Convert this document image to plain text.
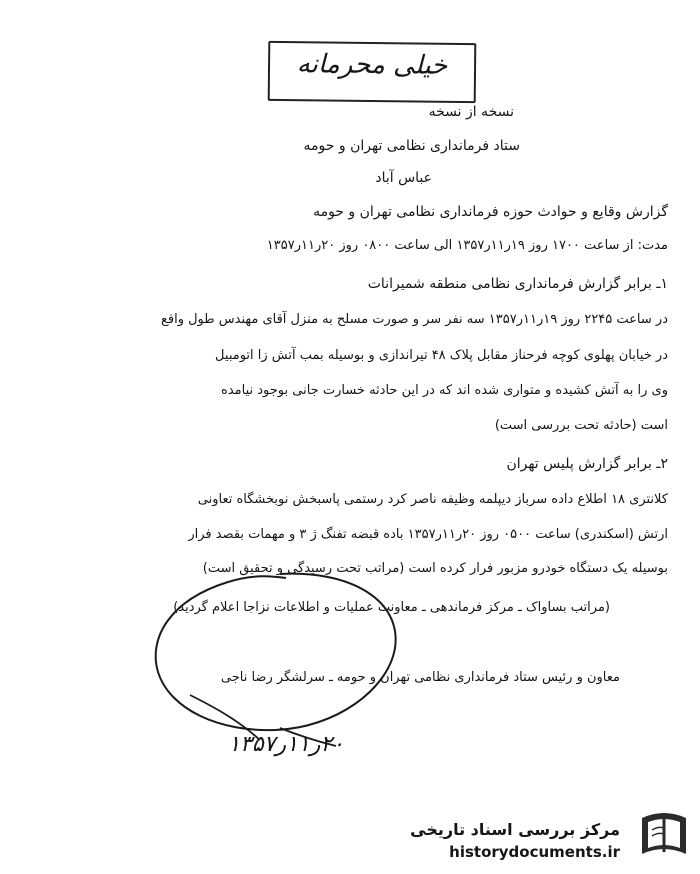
خیلی محرمانه
نسخه از نسخه
ستاد فرمانداری نظامی تهران و حومه
عباس آباد
گزارش وقایع و حوادث حوزه فرمانداری نظامی تهران و حومه
مدت: از ساعت ۱۷۰۰ روز ۱۹ر۱۱ر۱۳۵۷ الی ساعت ۰۸۰۰ روز ۲۰ر۱۱ر۱۳۵۷
۱ـ برابر گزارش فرمانداری نظامی منطقه شمیرانات
در ساعت ۲۲۴۵ روز ۱۹ر۱۱ر۱۳۵۷ سه نفر سر و صورت مسلح به منزل آقای مهندس طول واقع
در خیابان پهلوی کوچه فرحناز مقابل پلاک ۴۸ تیراندازی و بوسیله بمب آتش زا اتومبیل
وی را به آتش کشیده و متواری شده اند که در این حادثه خسارت جانی بوجود نیامده
است (حادثه تحت بررسی است)
۲ـ برابر گزارش پلیس تهران
کلانتری ۱۸ اطلاع داده سرباز دیپلمه وظیفه ناصر کرد رستمی پاسبخش نوبخشگاه تعاونی
ارتش (اسکندری) ساعت ۰۵۰۰ روز ۲۰ر۱۱ر۱۳۵۷ باده قبضه تفنگ ژ ۳ و مهمات بقصد فرار
بوسیله یک دستگاه خودرو مزبور فرار کرده است (مراتب تحت رسیدگی و تحقیق است)
(مراتب بساواک ـ مرکز فرماندهی ـ معاونت عملیات و اطلاعات نزاجا اعلام گردید)
معاون و رئیس ستاد فرمانداری نظامی تهران و حومه ـ سرلشگر رضا ناجی
۲۰ر۱۱ر۱۳۵۷
مرکز بررسی اسناد تاریخی
historydocuments.ir
